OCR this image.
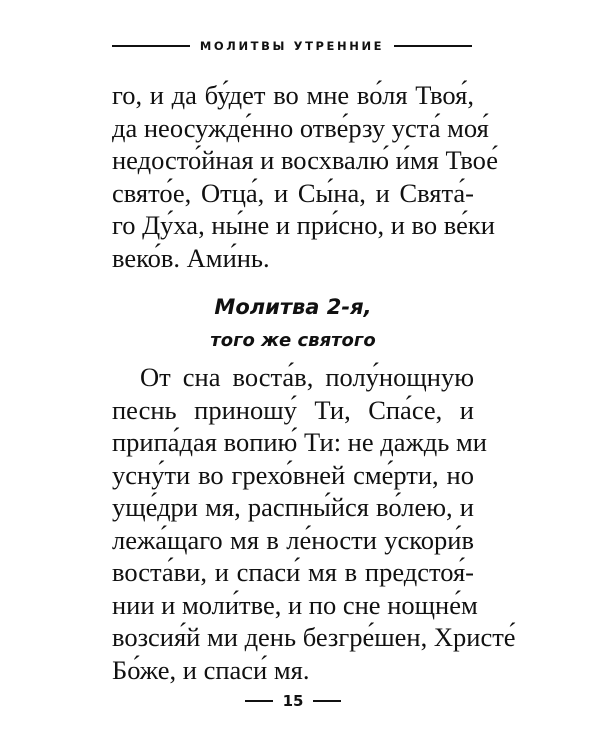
МОЛИТВЫ УТРЕННИЕ
го, и да бу́дет во мне во́ля Твоя́,
да неосужде́нно отве́рзу уста́ моя́
недосто́йная и восхвалю́ и́мя Твое́
свято́е, Отца́, и Сы́на, и Свята́-
го Ду́ха, ны́не и при́сно, и во ве́ки
веко́в. Ами́нь.
Молитва 2-я,
того же святого
От сна воста́в, полу́нощную
песнь приношу́ Ти, Спа́се, и
припа́дая вопию́ Ти: не даждь ми
усну́ти во грехо́вней сме́рти, но
уще́дри мя, распны́йся во́лею, и
лежа́щаго мя в ле́ности ускори́в
воста́ви, и спаси́ мя в предстоя́-
нии и моли́тве, и по сне нощне́м
возсия́й ми день безгре́шен, Христе́
Бо́же, и спаси́ мя.
15
